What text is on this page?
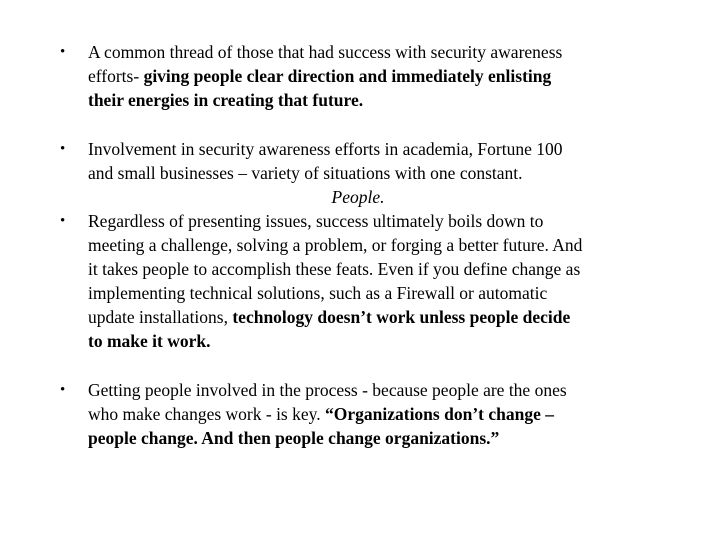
• A common thread of those that had success with security awareness
efforts- giving people clear direction and immediately enlisting
their energies in creating that future.
• Involvement in security awareness efforts in academia, Fortune 100
and small businesses – variety of situations with one constant.
People.
• Regardless of presenting issues, success ultimately boils down to
meeting a challenge, solving a problem, or forging a better future. And
it takes people to accomplish these feats. Even if you define change as
implementing technical solutions, such as a Firewall or automatic
update installations, technology doesn’t work unless people decide
to make it work.
• Getting people involved in the process - because people are the ones
who make changes work - is key. “Organizations don’t change –
people change. And then people change organizations.”
